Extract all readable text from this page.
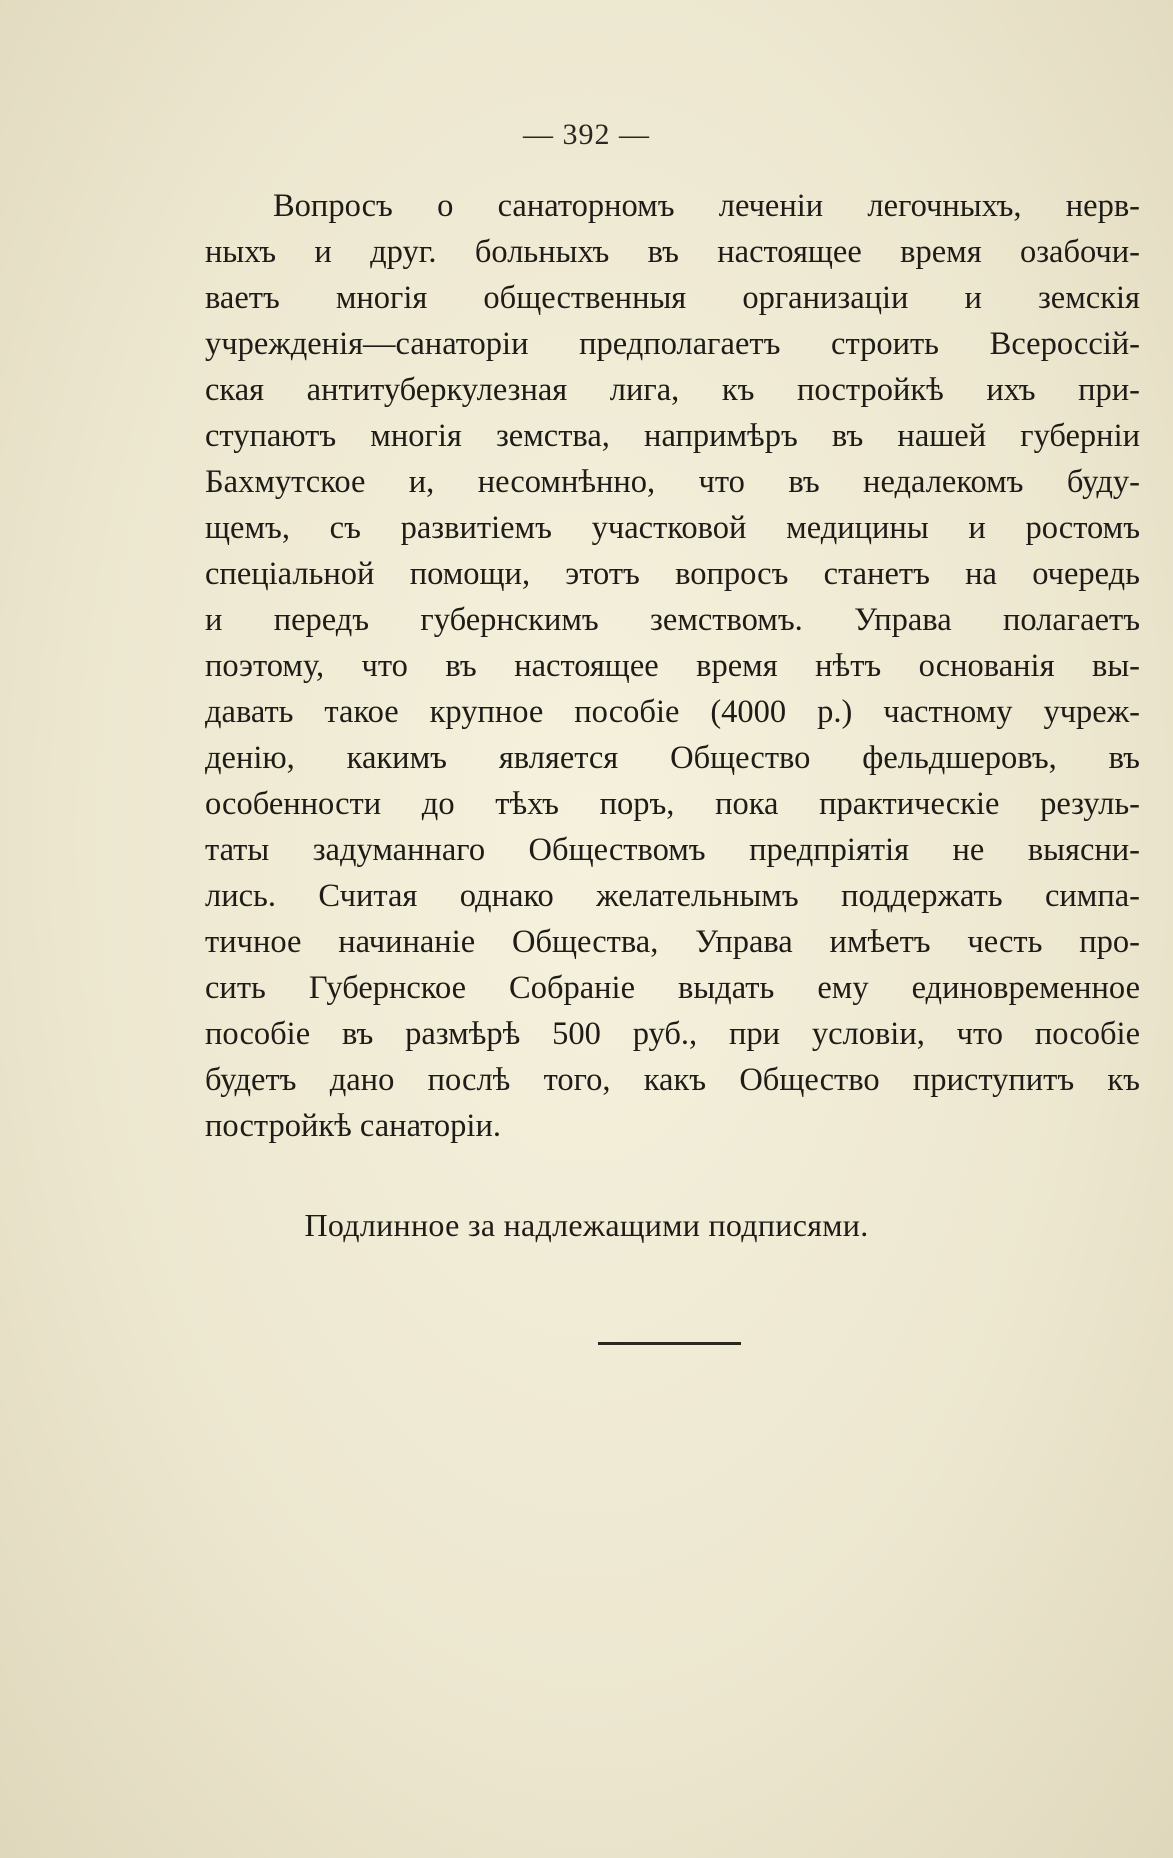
— 392 —
Вопросъ о санаторномъ леченіи легочныхъ, нерв-
ныхъ и друг. больныхъ въ настоящее время озабочи-
ваетъ многія общественныя организаціи и земскія
учрежденія—санаторіи предполагаетъ строить Всероссій-
ская антитуберкулезная лига, къ постройкѣ ихъ при-
ступаютъ многія земства, напримѣръ въ нашей губерніи
Бахмутское и, несомнѣнно, что въ недалекомъ буду-
щемъ, съ развитіемъ участковой медицины и ростомъ
спеціальной помощи, этотъ вопросъ станетъ на очередь
и передъ губернскимъ земствомъ. Управа полагаетъ
поэтому, что въ настоящее время нѣтъ основанія вы-
давать такое крупное пособіе (4000 р.) частному учреж-
денію, какимъ является Общество фельдшеровъ, въ
особенности до тѣхъ поръ, пока практическіе резуль-
таты задуманнаго Обществомъ предпріятія не выясни-
лись. Считая однако желательнымъ поддержать симпа-
тичное начинаніе Общества, Управа имѣетъ честь про-
сить Губернское Собраніе выдать ему единовременное
пособіе въ размѣрѣ 500 руб., при условіи, что пособіе
будетъ дано послѣ того, какъ Общество приступитъ къ
постройкѣ санаторіи.
Подлинное за надлежащими подписями.
